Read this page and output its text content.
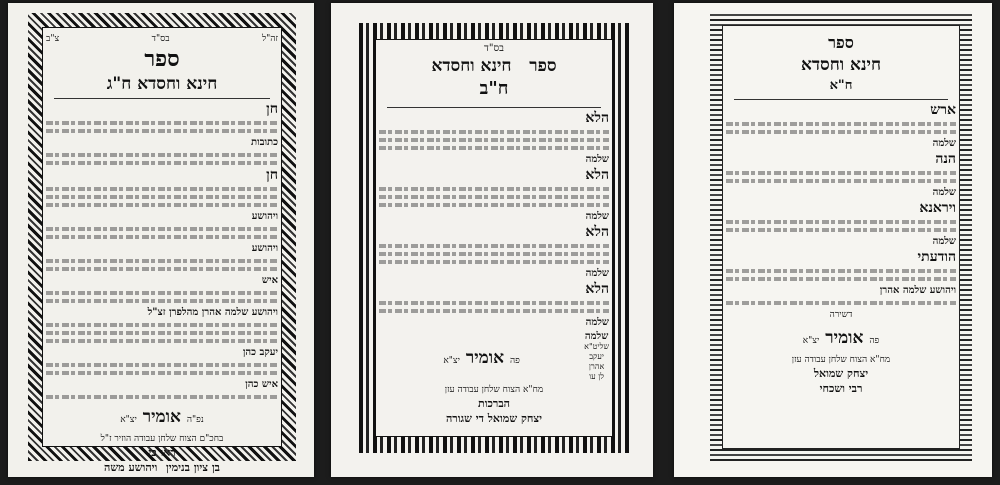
זה"ל
בס"ד
צ"ב
ספר
חינא וחסדא ח"ג
חן
כתובות
חן
ויהושע
ויהושע
איש
ויהושע שלמה אהרן מהלפרן זצ"ל
יעקב כהן
איש כהן
נפ"ה אומיר יצ"א
בחכ"ם הצוח שלחן עבודה הוזיר ז"ל
ראו כי
בן ציון בנימין   ויהושע משה
בס"ד
ספר   חינא וחסדא
ח"ב
הלא
שלמה
הלא
שלמה
הלא
שלמה
הלא
שלמה
שלמה
שליט"א
יעקב
אהרן
לן עו
פה אומיר יצ"א
מח"א הצוח שלחן עבודה עזן
הברכות
יצחק שמואל די שגורה
ספר
חינא וחסדא
ח"א
ארש
שלמה
הנה
שלמה
ויראנא
שלמה
הודעתי
ויהושע שלמה אהרן
דשירה
פה אומיר יצ"א
מח"א הצוח שלחן עבודה עזן
יצחק שמואל
רבי ושכחי
